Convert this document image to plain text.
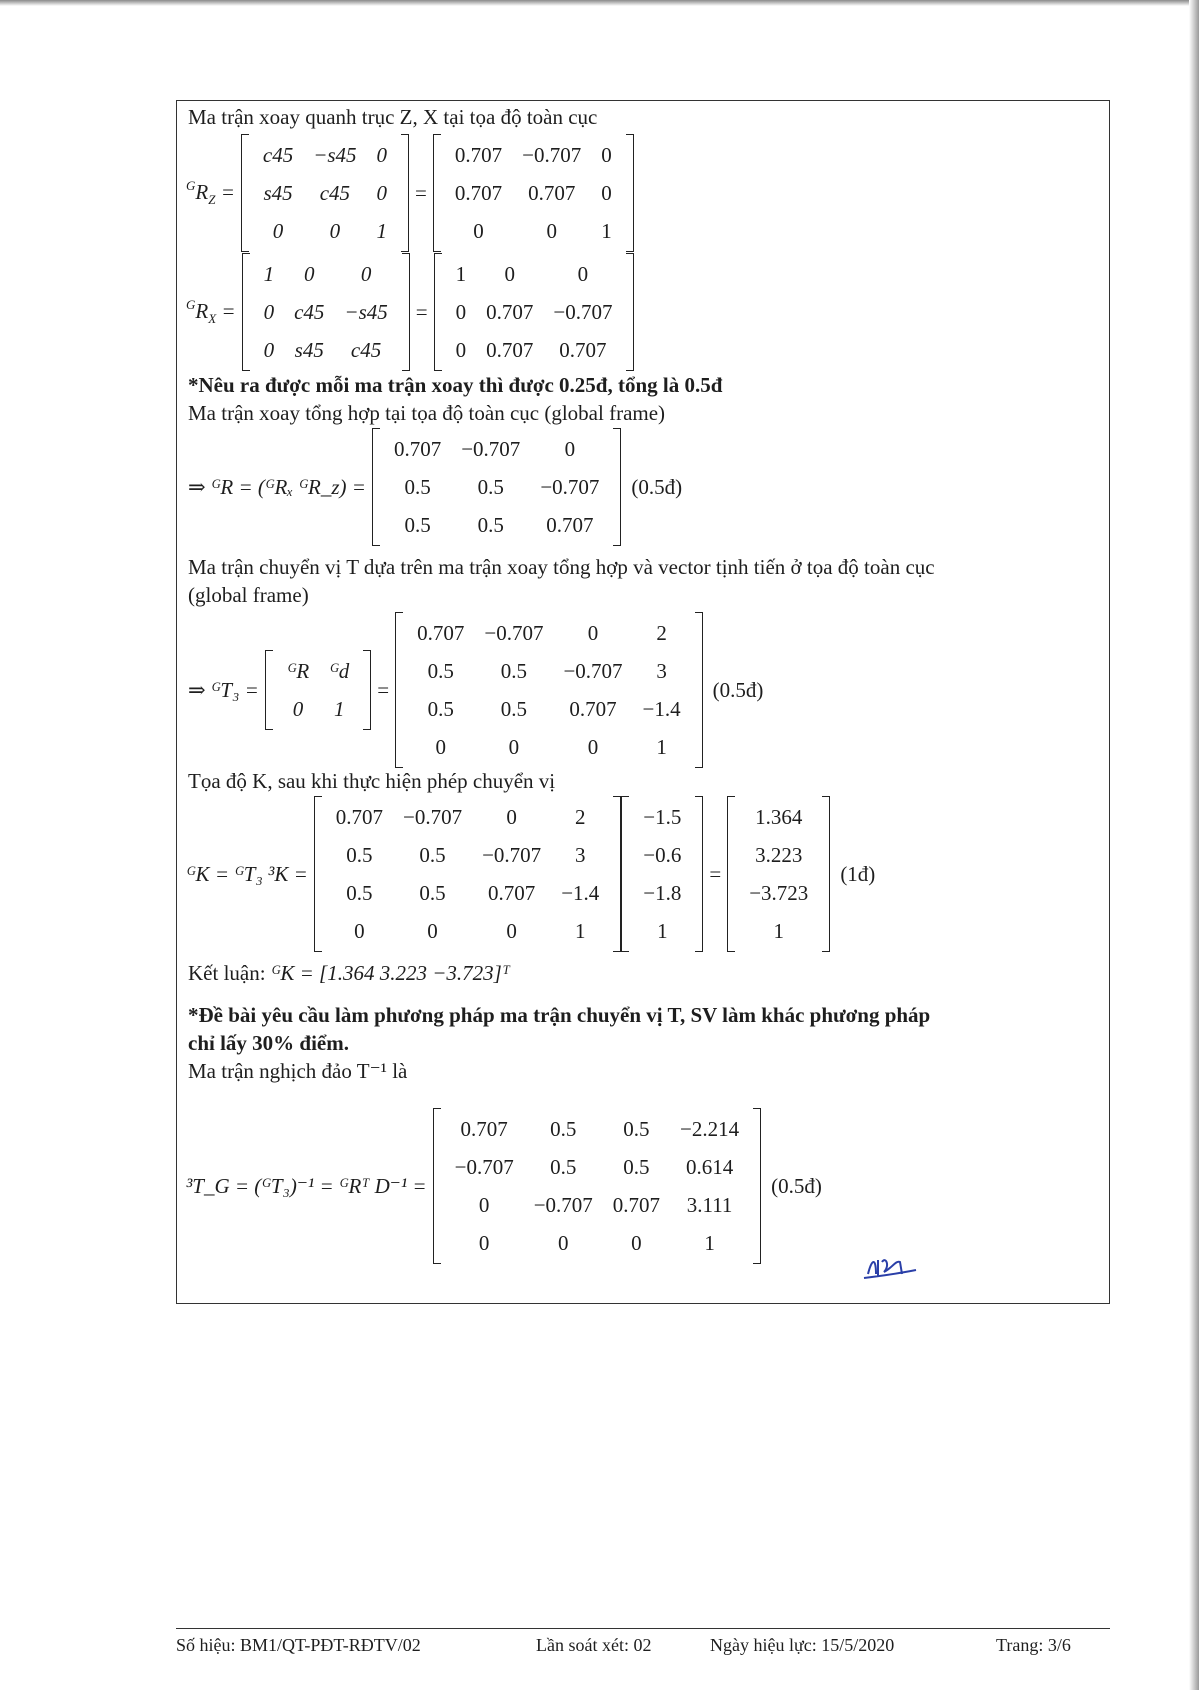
Ma trận xoay quanh trục Z, X tại tọa độ toàn cục
$^GR_Z$ =
c45	−s45	0
s45	c45	0
0	0	1
=
0.707	−0.707	0
0.707	0.707	0
0	0	1
$^GR_X$ =
1	0	0
0	c45	−s45
0	s45	c45
=
1	0	0
0	0.707	−0.707
0	0.707	0.707
*Nêu ra được mỗi ma trận xoay thì được 0.25đ, tổng là 0.5đ
Ma trận xoay tổng hợp tại tọa độ toàn cục (global frame)
⇒ ᴳR = (ᴳRₓ ᴳR_z) =
0.707	−0.707	0
0.5	0.5	−0.707
0.5	0.5	0.707
(0.5đ)
Ma trận chuyển vị T dựa trên ma trận xoay tổng hợp và vector tịnh tiến ở tọa độ toàn cục
(global frame)
⇒ ᴳT₃ =
ᴳR	ᴳd
0	1
=
0.707	−0.707	0	2
0.5	0.5	−0.707	3
0.5	0.5	0.707	−1.4
0	0	0	1
(0.5đ)
Tọa độ K, sau khi thực hiện phép chuyển vị
ᴳK = ᴳT₃ ³K =
0.707	−0.707	0	2
0.5	0.5	−0.707	3
0.5	0.5	0.707	−1.4
0	0	0	1
−1.5
−0.6
−1.8
1
=
1.364
3.223
−3.723
1
(1đ)
Kết luận: ᴳK = [1.364 3.223 −3.723]ᵀ
*Đề bài yêu cầu làm phương pháp ma trận chuyển vị T, SV làm khác phương pháp
chỉ lấy 30% điểm.
Ma trận nghịch đảo T⁻¹ là
³T_G = (ᴳT₃)⁻¹ = ᴳRᵀ D⁻¹ =
0.707	0.5	0.5	−2.214
−0.707	0.5	0.5	0.614
0	−0.707	0.707	3.111
0	0	0	1
(0.5đ)
Số hiệu: BM1/QT-PĐT-RĐTV/02	Lần soát xét: 02	Ngày hiệu lực: 15/5/2020	Trang: 3/6
